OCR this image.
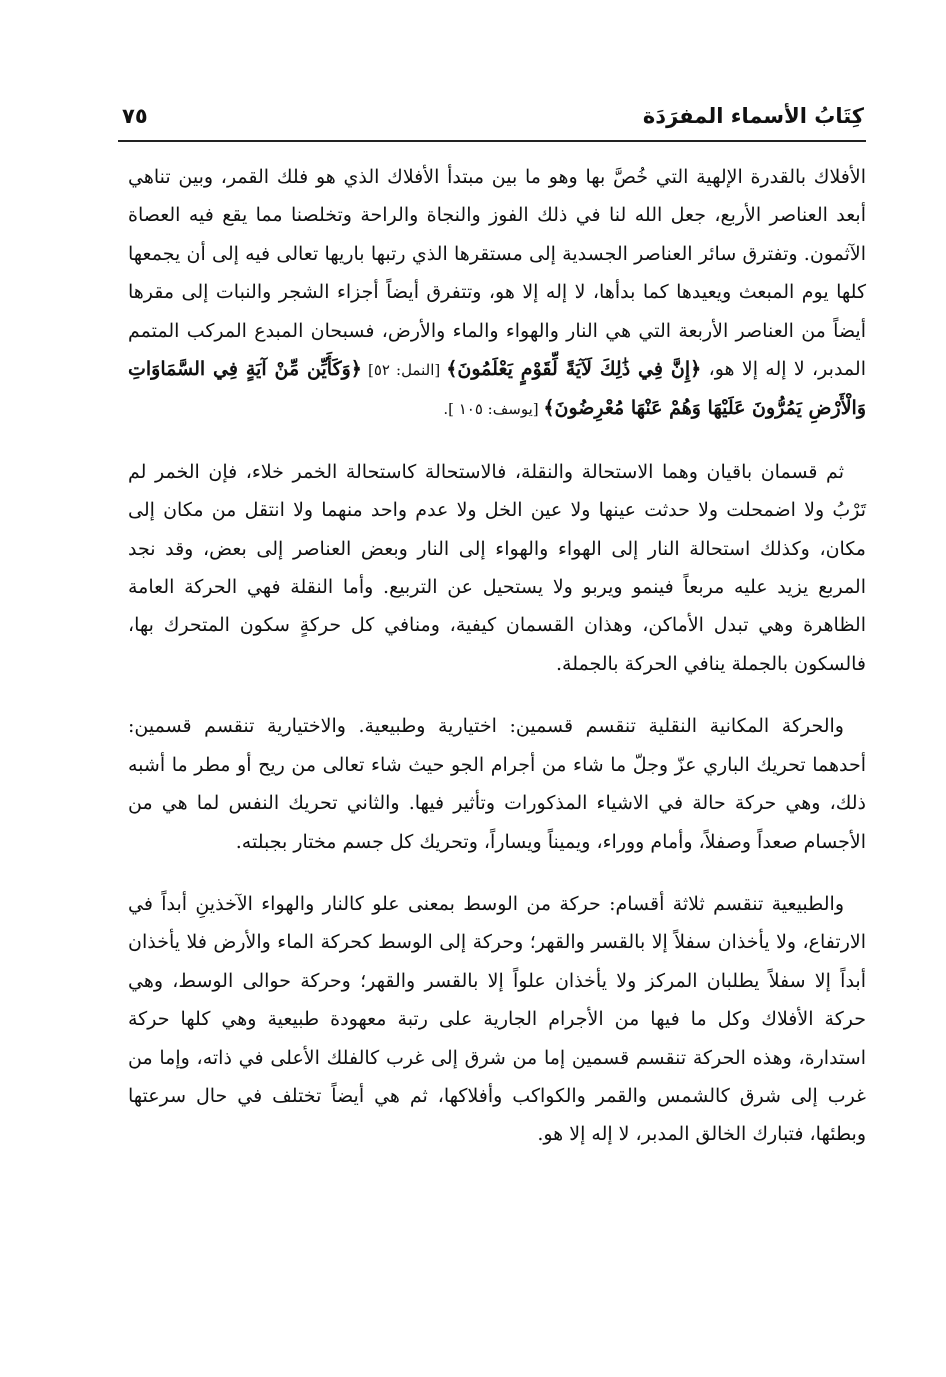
كِتَابُ الأسماء المفرَدَة
٧٥

الأفلاك بالقدرة الإلهية التي خُصَّ بها وهو ما بين مبتدأ الأفلاك الذي هو فلك القمر، وبين تناهي أبعد العناصر الأربع، جعل الله لنا في ذلك الفوز والنجاة والراحة وتخلصنا مما يقع فيه العصاة الآثمون. وتفترق سائر العناصر الجسدية إلى مستقرها الذي رتبها باريها تعالى فيه إلى أن يجمعها كلها يوم المبعث ويعيدها كما بدأها، لا إله إلا هو، وتتفرق أيضاً أجزاء الشجر والنبات إلى مقرها أيضاً من العناصر الأربعة التي هي النار والهواء والماء والأرض، فسبحان المبدع المركب المتمم المدبر، لا إله إلا هو، ﴿إِنَّ فِي ذَٰلِكَ لَآيَةً لِّقَوْمٍ يَعْلَمُونَ﴾ [النمل: ٥٢] ﴿وَكَأَيِّن مِّنْ آيَةٍ فِي السَّمَاوَاتِ وَالْأَرْضِ يَمُرُّونَ عَلَيْهَا وَهُمْ عَنْهَا مُعْرِضُونَ﴾ [يوسف: ١٠٥ ].

ثم قسمان باقيان وهما الاستحالة والنقلة، فالاستحالة كاستحالة الخمر خلاء، فإن الخمر لم تَرْبُ ولا اضمحلت ولا حدثت عينها ولا عين الخل ولا عدم واحد منهما ولا انتقل من مكان إلى مكان، وكذلك استحالة النار إلى الهواء والهواء إلى النار وبعض العناصر إلى بعض، وقد نجد المربع يزيد عليه مربعاً فينمو ويربو ولا يستحيل عن التربيع. وأما النقلة فهي الحركة العامة الظاهرة وهي تبدل الأماكن، وهذان القسمان كيفية، ومنافي كل حركةٍ سكون المتحرك بها، فالسكون بالجملة ينافي الحركة بالجملة.

والحركة المكانية النقلية تنقسم قسمين: اختيارية وطبيعية. والاختيارية تنقسم قسمين: أحدهما تحريك الباري عزّ وجلّ ما شاء من أجرام الجو حيث شاء تعالى من ريح أو مطر ما أشبه ذلك، وهي حركة حالة في الاشياء المذكورات وتأثير فيها. والثاني تحريك النفس لما هي من الأجسام صعداً وصفلاً، وأمام ووراء، ويميناً ويساراً، وتحريك كل جسم مختار بجبلته.

والطبيعية تنقسم ثلاثة أقسام: حركة من الوسط بمعنى علو كالنار والهواء الآخذينِ أبداً في الارتفاع، ولا يأخذان سفلاً إلا بالقسر والقهر؛ وحركة إلى الوسط كحركة الماء والأرض فلا يأخذان أبداً إلا سفلاً يطلبان المركز ولا يأخذان علواً إلا بالقسر والقهر؛ وحركة حوالى الوسط، وهي حركة الأفلاك وكل ما فيها من الأجرام الجارية على رتبة معهودة طبيعية وهي كلها حركة استدارة، وهذه الحركة تنقسم قسمين إما من شرق إلى غرب كالفلك الأعلى في ذاته، وإما من غرب إلى شرق كالشمس والقمر والكواكب وأفلاكها، ثم هي أيضاً تختلف في حال سرعتها وبطئها، فتبارك الخالق المدبر، لا إله إلا هو.
